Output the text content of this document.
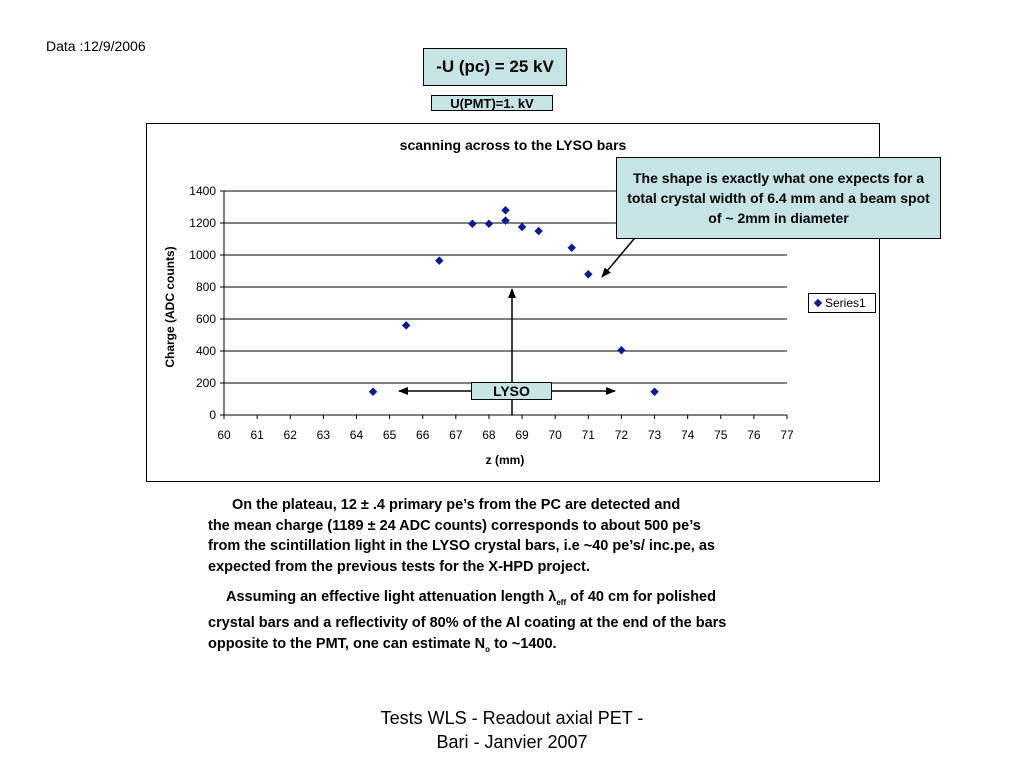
Data :12/9/2006
-U (pc) = 25 kV
U(PMT)=1. kV
scanning across to the LYSO bars
0
200
400
600
800
1000
1200
1400
60 61 62 63 64 65 66 67 68 69 70 71 72 73 74 75 76 77
z (mm)
Charge (ADC counts)
The shape is exactly what one expects for a total crystal width of 6.4 mm and a beam spot of ~ 2mm in diameter
LYSO
Series1
On the plateau, 12 ± .4 primary pe’s from the PC are detected and
the mean charge (1189 ± 24 ADC counts) corresponds to about 500 pe’s
from the scintillation light in the LYSO crystal bars, i.e ~40 pe’s/ inc.pe, as
expected from the previous tests for the X-HPD project.
Assuming an effective light attenuation length $\lambda_{eff}$ of 40 cm for polished
crystal bars and a reflectivity of 80% of the Al coating at the end of the bars
opposite to the PMT, one can estimate $N_o$ to ~1400.
Tests WLS - Readout axial PET -
Bari - Janvier 2007
